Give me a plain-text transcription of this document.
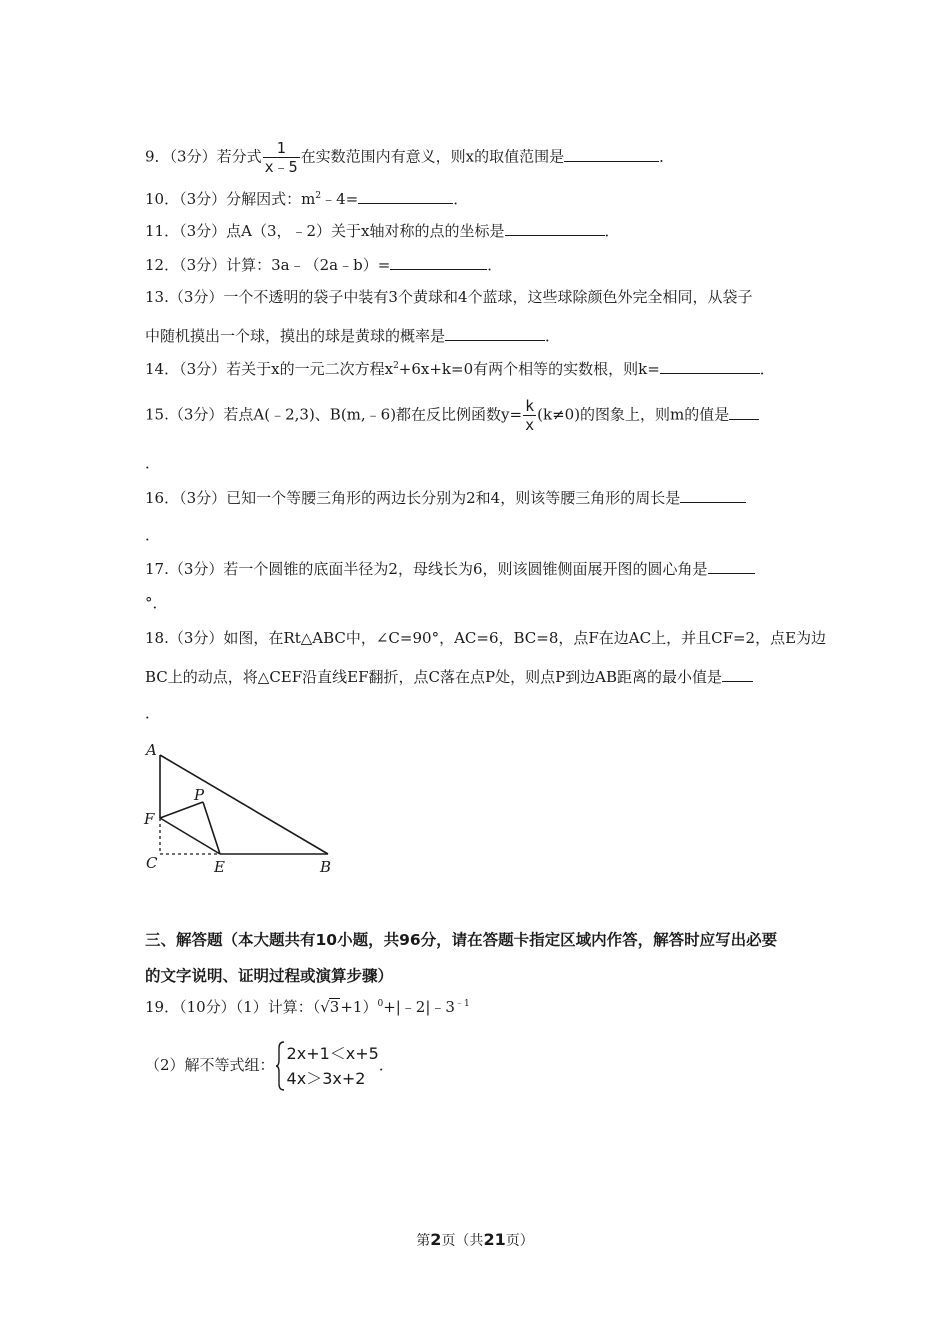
9．（3分）若分式 $\frac{1}{x﹣5}$ 在实数范围内有意义，则x的取值范围是	．
10．（3分）分解因式：$m^2﹣4=$	．
11．（3分）点A（3，﹣2）关于x轴对称的点的坐标是	．
12．（3分）计算：3a﹣（2a﹣b）=	．
13.（3分）一个不透明的袋子中装有3个黄球和4个蓝球，这些球除颜色外完全相同，从袋子
中随机摸出一个球，摸出的球是黄球的概率是	．
14．（3分）若关于x的一元二次方程$x^2+6x+k=0$有两个相等的实数根，则k=	．
15.（3分）若点A(﹣2,3)、B(m,﹣6)都在反比例函数$y= \frac{k}{x} (k\ne 0)$的图象上，则m的值是
．
16．（3分）已知一个等腰三角形的两边长分别为2和4，则该等腰三角形的周长是
．
17.（3分）若一个圆锥的底面半径为2，母线长为6，则该圆锥侧面展开图的圆心角是
°．
18.（3分）如图，在Rt△ABC中，∠C=90°，AC=6，BC=8，点F在边AC上，并且CF=2，点E为边
BC上的动点，将△CEF沿直线EF翻折，点C落在点P处，则点P到边AB距离的最小值是
．
A
F
C	E	B
P
三、解答题（本大题共有10小题，共96分，请在答题卡指定区域内作答，解答时应写出必要
的文字说明、证明过程或演算步骤）
19．（10分）（1）计算：$(√3+1)^0+|﹣2|﹣3^{﹣1}$
（2）解不等式组：
2x+1＜x+5
4x＞3x+2
．
第2页（共21页）
